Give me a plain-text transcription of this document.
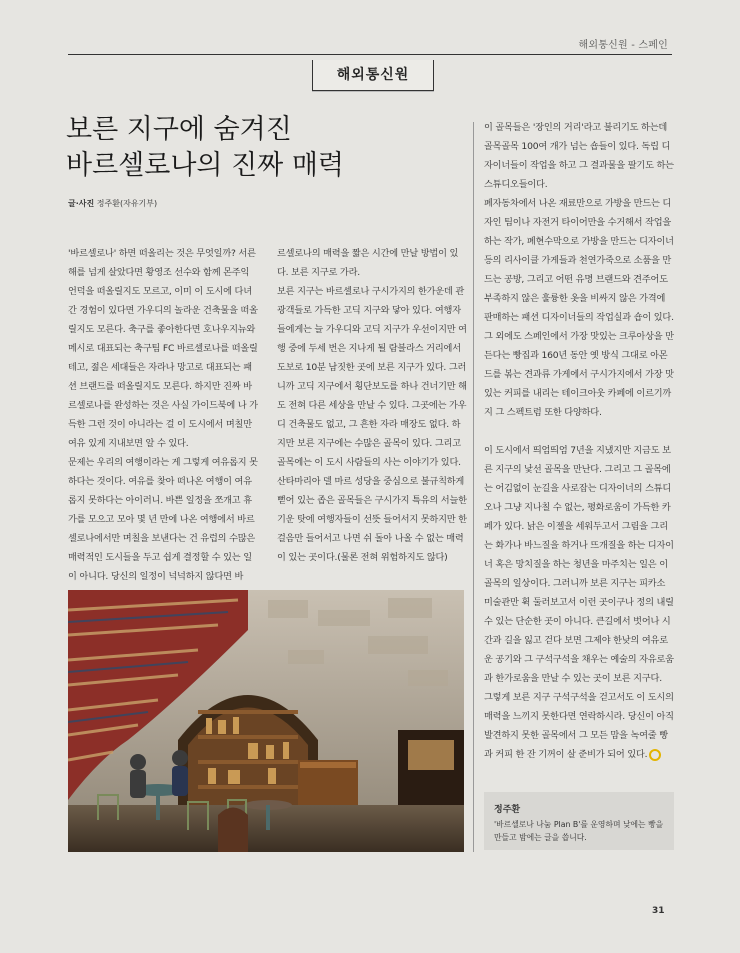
해외통신원 - 스페인
해외통신원
보른 지구에 숨겨진
바르셀로나의 진짜 매력
글·사진 정주환(자유기부)

'바르셀로나' 하면 떠올리는 것은 무엇일까? 서른 해를 넘게 살았다면 황영조 선수와 함께 몬주익 언덕을 떠올릴지도 모르고, 이미 이 도시에 다녀간 경험이 있다면 가우디의 놀라운 건축물을 떠올릴지도 모른다. 축구를 좋아한다면 호나우지뉴와 메시로 대표되는 축구팀 FC 바르셀로나를 떠올릴 테고, 젊은 세대들은 자라나 망고로 대표되는 패션 브랜드를 떠올릴지도 모른다. 하지만 진짜 바르셀로나를 완성하는 것은 사실 가이드북에 나 가득한 그런 것이 아니라는 걸 이 도시에서 며칠만 여유 있게 지내보면 알 수 있다.

문제는 우리의 여행이라는 게 그렇게 여유롭지 못하다는 것이다. 여유를 찾아 떠나온 여행이 여유롭지 못하다는 아이러니. 바쁜 일정을 쪼개고 휴가를 모으고 모아 몇 년 만에 나온 여행에서 바르셀로나에서만 며칠을 보낸다는 건 유럽의 수많은 매력적인 도시들을 두고 쉽게 결정할 수 있는 일이 아니다. 당신의 일정이 넉넉하지 않다면 바

르셀로나의 매력을 짧은 시간에 만날 방법이 있다. 보른 지구로 가라.

보른 지구는 바르셀로나 구시가지의 한가운데 관광객들로 가득한 고딕 지구와 닿아 있다. 여행자들에게는 늘 가우디와 고딕 지구가 우선이지만 여행 중에 두세 번은 지나게 될 람블라스 거리에서 도보로 10분 남짓한 곳에 보른 지구가 있다. 그러니까 고딕 지구에서 횡단보도를 하나 건너기만 해도 전혀 다른 세상을 만날 수 있다. 그곳에는 가우디 건축물도 없고, 그 흔한 자라 매장도 없다. 하지만 보른 지구에는 수많은 골목이 있다. 그리고 골목에는 이 도시 사람들의 사는 이야기가 있다.

산타마리아 델 마르 성당을 중심으로 불규칙하게 뻗어 있는 좁은 골목들은 구시가지 특유의 서늘한 기운 탓에 여행자들이 선뜻 들어서지 못하지만 한 걸음만 들어서고 나면 쉬 돌아 나올 수 없는 매력이 있는 곳이다.(물론 전혀 위험하지도 않다)

이 골목들은 '장인의 거리'라고 불리기도 하는데 골목골목 100여 개가 넘는 숍들이 있다. 독립 디자이너들이 작업을 하고 그 결과물을 팔기도 하는 스튜디오들이다.

폐자동차에서 나온 재료만으로 가방을 만드는 디자인 팀이나 자전거 타이어만을 수거해서 작업을 하는 작가, 폐현수막으로 가방을 만드는 디자이너 등의 리사이클 가게들과 천연가죽으로 소품을 만드는 공방, 그리고 어떤 유명 브랜드와 견주어도 부족하지 않은 훌륭한 옷을 비싸지 않은 가격에 판매하는 패션 디자이너들의 작업실과 숍이 있다. 그 외에도 스페인에서 가장 맛있는 크루아상을 만든다는 빵집과 160년 동안 옛 방식 그대로 아몬드를 볶는 견과류 가게에서 구시가지에서 가장 맛있는 커피를 내리는 테이크아웃 카페에 이르기까지 그 스펙트럼 또한 다양하다.

이 도시에서 띄엄띄엄 7년을 지냈지만 지금도 보른 지구의 낯선 골목을 만난다. 그리고 그 골목에는 어김없이 눈길을 사로잡는 디자이너의 스튜디오나 그냥 지나칠 수 없는, 평화로움이 가득한 카페가 있다. 낡은 이젤을 세워두고서 그림을 그리는 화가나 바느질을 하거나 뜨개질을 하는 디자이너 혹은 망치질을 하는 청년을 마주치는 일은 이 골목의 일상이다. 그러니까 보른 지구는 피카소 미술관만 휙 둘러보고서 이런 곳이구나 정의 내릴 수 있는 단순한 곳이 아니다. 큰길에서 벗어나 시간과 길을 잃고 걷다 보면 그제야 한낮의 여유로운 공기와 그 구석구석을 채우는 예술의 자유로움과 한가로움을 만날 수 있는 곳이 보른 지구다.

그렇게 보른 지구 구석구석을 걷고서도 이 도시의 매력을 느끼지 못한다면 연락하시라. 당신이 아직 발견하지 못한 골목에서 그 모든 맘을 녹여줄 빵과 커피 한 잔 기꺼이 살 준비가 되어 있다.

정주환
'바르셀로나 나눔 Plan B'를 운영하며 낮에는 빵을 만들고 밤에는 글을 씁니다.
31
